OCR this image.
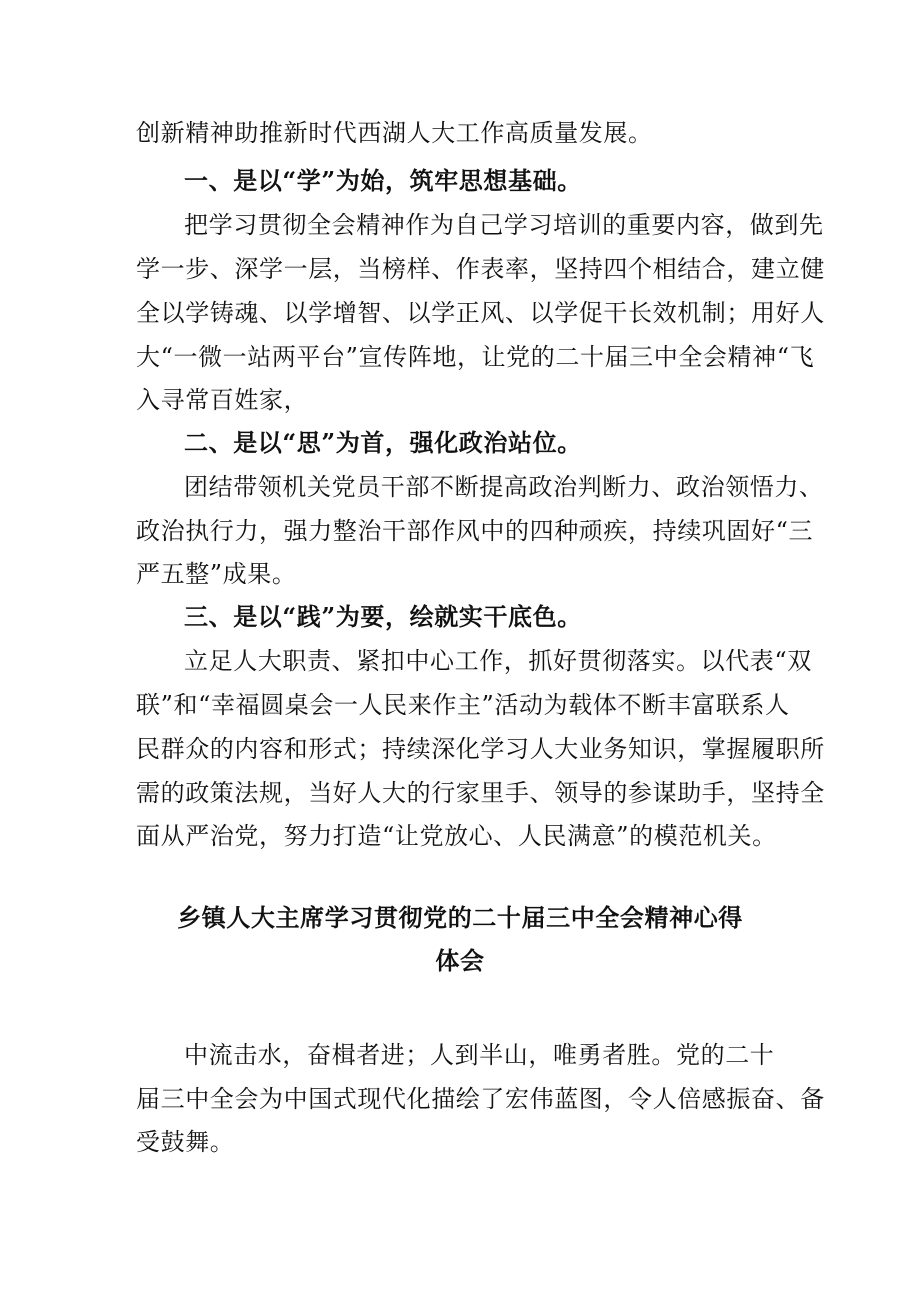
创新精神助推新时代西湖人大工作高质量发展。
一、是以“学”为始，筑牢思想基础。
把学习贯彻全会精神作为自己学习培训的重要内容，做到先
学一步、深学一层，当榜样、作表率，坚持四个相结合，建立健
全以学铸魂、以学增智、以学正风、以学促干长效机制；用好人
大“一微一站两平台”宣传阵地，让党的二十届三中全会精神“飞
入寻常百姓家，
二、是以“思”为首，强化政治站位。
团结带领机关党员干部不断提高政治判断力、政治领悟力、
政治执行力，强力整治干部作风中的四种顽疾，持续巩固好“三
严五整”成果。
三、是以“践”为要，绘就实干底色。
立足人大职责、紧扣中心工作，抓好贯彻落实。以代表“双
联”和“幸福圆桌会一人民来作主”活动为载体不断丰富联系人
民群众的内容和形式；持续深化学习人大业务知识，掌握履职所
需的政策法规，当好人大的行家里手、领导的参谋助手，坚持全
面从严治党，努力打造“让党放心、人民满意”的模范机关。
乡镇人大主席学习贯彻党的二十届三中全会精神心得
体会
中流击水，奋楫者进；人到半山，唯勇者胜。党的二十
届三中全会为中国式现代化描绘了宏伟蓝图，令人倍感振奋、备
受鼓舞。
